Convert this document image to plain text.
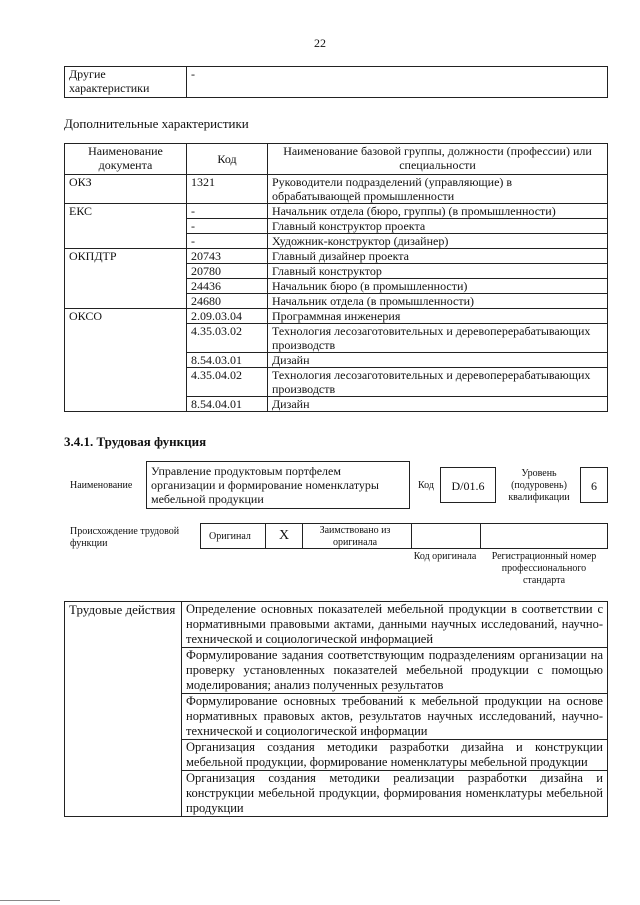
22
Другие характеристики	-
Дополнительные характеристики
Наименование документа	Код	Наименование базовой группы, должности (профессии) или специальности
ОКЗ	1321	Руководители подразделений (управляющие) в обрабатывающей промышленности
ЕКС	-	Начальник отдела (бюро, группы) (в промышленности)
	-	Главный конструктор проекта
	-	Художник-конструктор (дизайнер)
ОКПДТР	20743	Главный дизайнер проекта
	20780	Главный конструктор
	24436	Начальник бюро (в промышленности)
	24680	Начальник отдела (в промышленности)
ОКСО	2.09.03.04	Программная инженерия
	4.35.03.02	Технология лесозаготовительных и деревоперерабатывающих производств
	8.54.03.01	Дизайн
	4.35.04.02	Технология лесозаготовительных и деревоперерабатывающих производств
	8.54.04.01	Дизайн
3.4.1. Трудовая функция
Наименование
Управление продуктовым портфелем организации и формирование номенклатуры мебельной продукции
Код	D/01.6
Уровень (подуровень) квалификации
6
Происхождение трудовой функции
Оригинал	X	Заимствовано из оригинала
Код оригинала	Регистрационный номер профессионального стандарта
Трудовые действия	Определение основных показателей мебельной продукции в соответствии с нормативными правовыми актами, данными научных исследований, научно-технической и социологической информацией
Формулирование задания соответствующим подразделениям организации на проверку установленных показателей мебельной продукции с помощью моделирования; анализ полученных результатов
Формулирование основных требований к мебельной продукции на основе нормативных правовых актов, результатов научных исследований, научно-технической и социологической информации
Организация создания методики разработки дизайна и конструкции мебельной продукции, формирование номенклатуры мебельной продукции
Организация создания методики реализации разработки дизайна и конструкции мебельной продукции, формирования номенклатуры мебельной продукции
